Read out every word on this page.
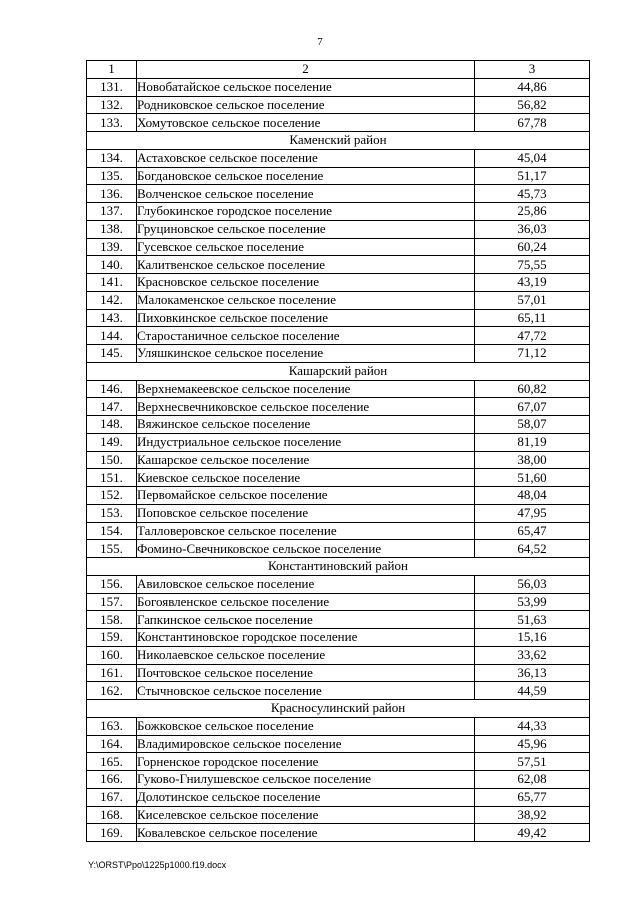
7
1	2	3
131.	Новобатайское сельское поселение	44,86
132.	Родниковское сельское поселение	56,82
133.	Хомутовское сельское поселение	67,78
Каменский район		
134.	Астаховское сельское поселение	45,04
135.	Богдановское сельское поселение	51,17
136.	Волченское сельское поселение	45,73
137.	Глубокинское городское поселение	25,86
138.	Груциновское сельское поселение	36,03
139.	Гусевское сельское поселение	60,24
140.	Калитвенское сельское поселение	75,55
141.	Красновское сельское поселение	43,19
142.	Малокаменское сельское поселение	57,01
143.	Пиховкинское сельское поселение	65,11
144.	Старостаничное сельское поселение	47,72
145.	Уляшкинское сельское поселение	71,12
Кашарский район		
146.	Верхнемакеевское сельское поселение	60,82
147.	Верхнесвечниковское сельское поселение	67,07
148.	Вяжинское сельское поселение	58,07
149.	Индустриальное сельское поселение	81,19
150.	Кашарское сельское поселение	38,00
151.	Киевское сельское поселение	51,60
152.	Первомайское сельское поселение	48,04
153.	Поповское сельское поселение	47,95
154.	Талловеровское сельское поселение	65,47
155.	Фомино-Свечниковское сельское поселение	64,52
Константиновский район		
156.	Авиловское сельское поселение	56,03
157.	Богоявленское сельское поселение	53,99
158.	Гапкинское сельское поселение	51,63
159.	Константиновское городское поселение	15,16
160.	Николаевское сельское поселение	33,62
161.	Почтовское сельское поселение	36,13
162.	Стычновское сельское поселение	44,59
Красносулинский район		
163.	Божковское сельское поселение	44,33
164.	Владимировское сельское поселение	45,96
165.	Горненское городское поселение	57,51
166.	Гуково-Гнилушевское сельское поселение	62,08
167.	Долотинское сельское поселение	65,77
168.	Киселевское сельское поселение	38,92
169.	Ковалевское сельское поселение	49,42
Y:\ORST\Ppo\1225p1000.f19.docx
